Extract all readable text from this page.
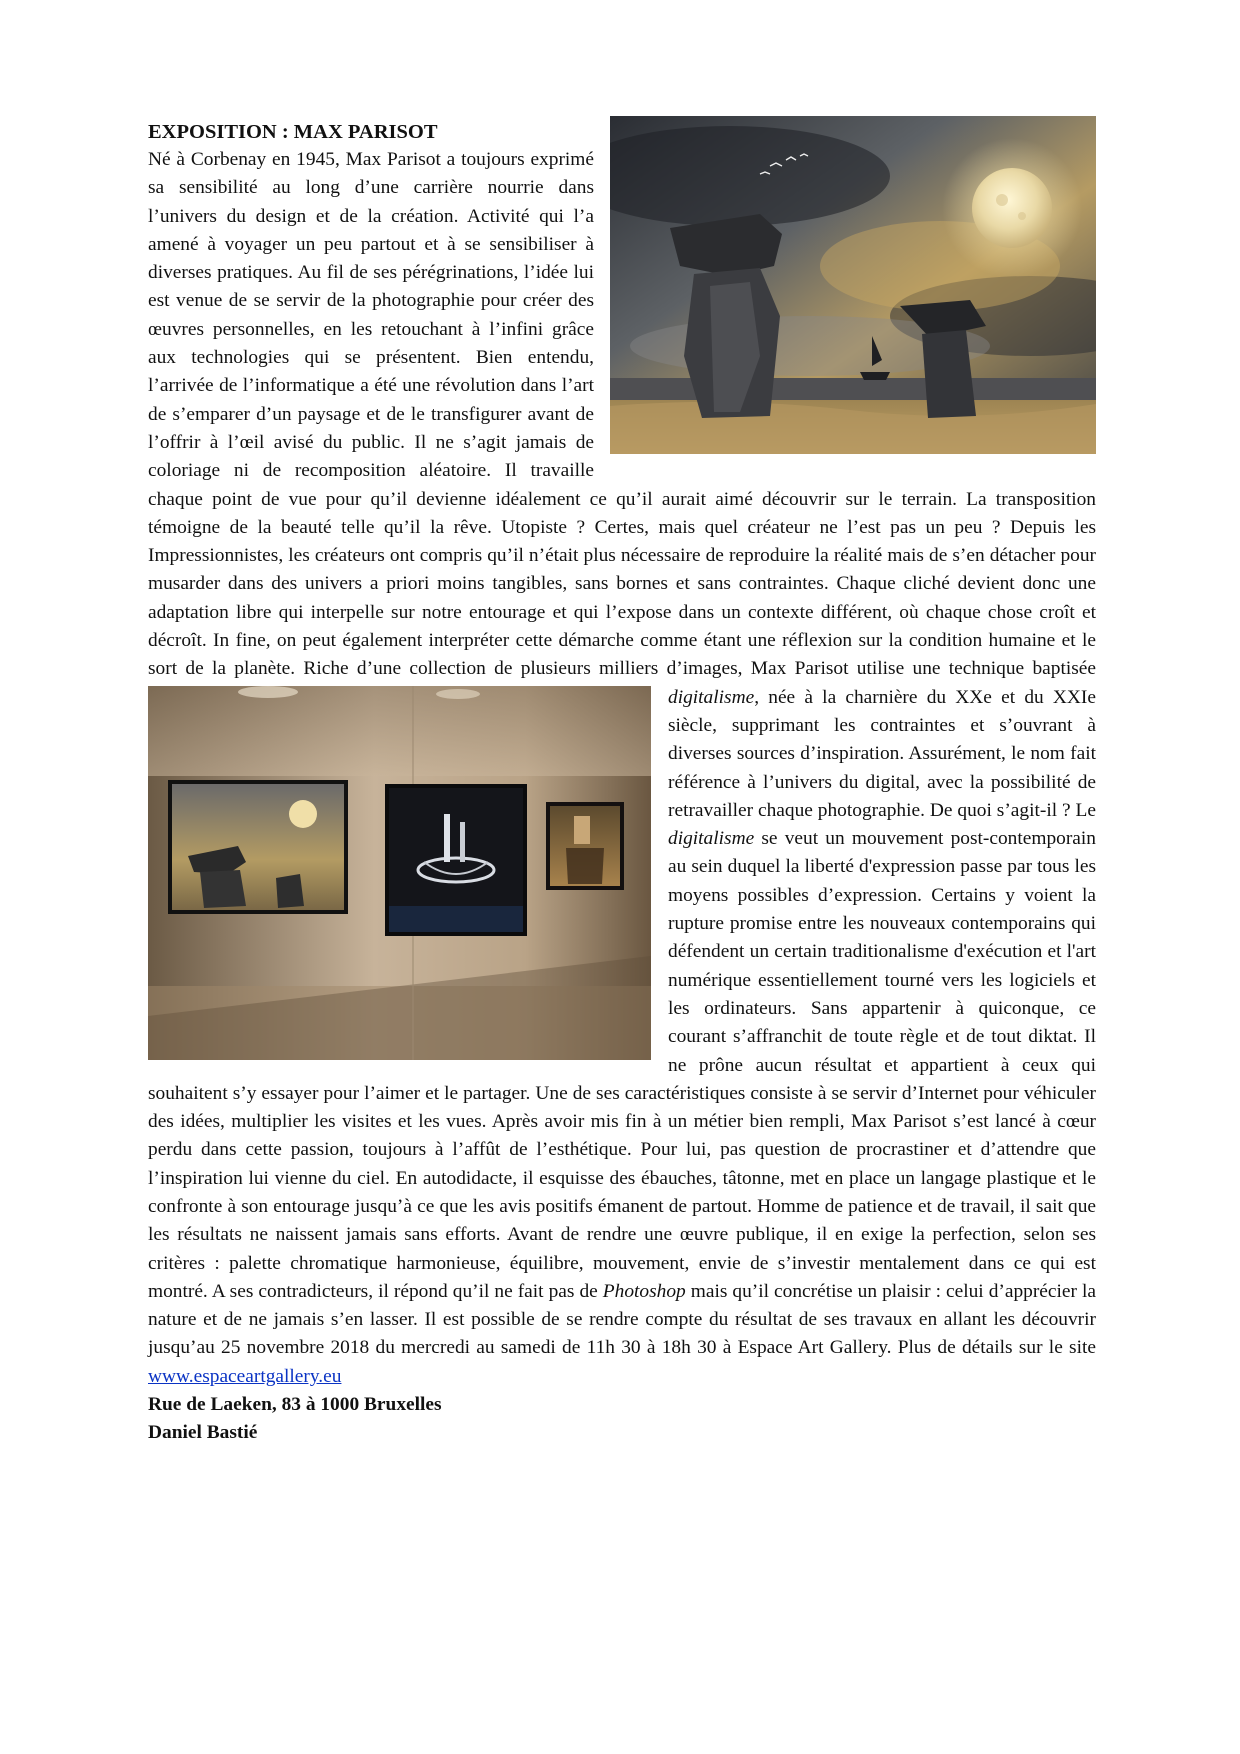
EXPOSITION : MAX PARISOT
Né à Corbenay en 1945, Max Parisot a toujours exprimé sa sensibilité au long d’une carrière nourrie dans l’univers du design et de la création. Activité qui l’a amené à voyager un peu partout et à se sensibiliser à diverses pratiques. Au fil de ses pérégrinations, l’idée lui est venue de se servir de la photographie pour créer des œuvres personnelles, en les retouchant à l’infini grâce aux technologies qui se présentent. Bien entendu, l’arrivée de l’informatique a été une révolution dans l’art de s’emparer d’un paysage et de le transfigurer avant de l’offrir à l’œil avisé du public. Il ne s’agit jamais de coloriage ni de recomposition aléatoire. Il travaille chaque point de vue pour qu’il devienne idéalement ce qu’il aurait aimé découvrir sur le terrain. La transposition témoigne de la beauté telle qu’il la rêve. Utopiste ? Certes, mais quel créateur ne l’est pas un peu ? Depuis les Impressionnistes, les créateurs ont compris qu’il n’était plus nécessaire de reproduire la réalité mais de s’en détacher pour musarder dans des univers a priori moins tangibles, sans bornes et sans contraintes. Chaque cliché devient donc une adaptation libre qui interpelle sur notre entourage et qui l’expose dans un contexte différent, où chaque chose croît et décroît. In fine, on peut également interpréter cette démarche comme étant une réflexion sur la condition humaine et le sort de la planète. Riche d’une collection de plusieurs milliers d’images, Max Parisot utilise une technique baptisée
digitalisme, née à la charnière du XXe et du XXIe siècle, supprimant les contraintes et s’ouvrant à diverses sources d’inspiration. Assurément, le nom fait référence à l’univers du digital, avec la possibilité de retravailler chaque photographie. De quoi s’agit-il ? Le digitalisme se veut un mouvement post-contemporain au sein duquel la liberté d'expression passe par tous les moyens possibles d’expression. Certains y voient la rupture promise entre les nouveaux contemporains qui défendent un certain traditionalisme d'exécution et l'art numérique essentiellement tourné vers les logiciels et les ordinateurs. Sans appartenir à quiconque, ce courant s’affranchit de toute règle et de tout diktat. Il ne prône aucun résultat et appartient à ceux qui souhaitent s’y essayer pour l’aimer et le partager. Une de ses caractéristiques consiste à se servir d’Internet pour véhiculer des idées, multiplier les visites et les vues. Après avoir mis fin à un métier bien rempli, Max Parisot s’est lancé à cœur perdu dans cette passion, toujours à l’affût de l’esthétique. Pour lui, pas question de procrastiner et d’attendre que l’inspiration lui vienne du ciel. En autodidacte, il esquisse des ébauches, tâtonne, met en place un langage plastique et le confronte à son entourage jusqu’à ce que les avis positifs émanent de partout. Homme de patience et de travail, il sait que les résultats ne naissent jamais sans efforts. Avant de rendre une œuvre publique, il en exige la perfection, selon ses critères : palette chromatique harmonieuse, équilibre, mouvement, envie de s’investir mentalement dans ce qui est montré. A ses contradicteurs, il répond qu’il ne fait pas de Photoshop mais qu’il concrétise un plaisir : celui d’apprécier la nature et de ne jamais s’en lasser. Il est possible de se rendre compte du résultat de ses travaux en allant les découvrir jusqu’au 25 novembre 2018 du mercredi au samedi de 11h 30 à 18h 30 à Espace Art Gallery. Plus de détails sur le site www.espaceartgallery.eu

Rue de Laeken, 83 à 1000 Bruxelles

Daniel Bastié
